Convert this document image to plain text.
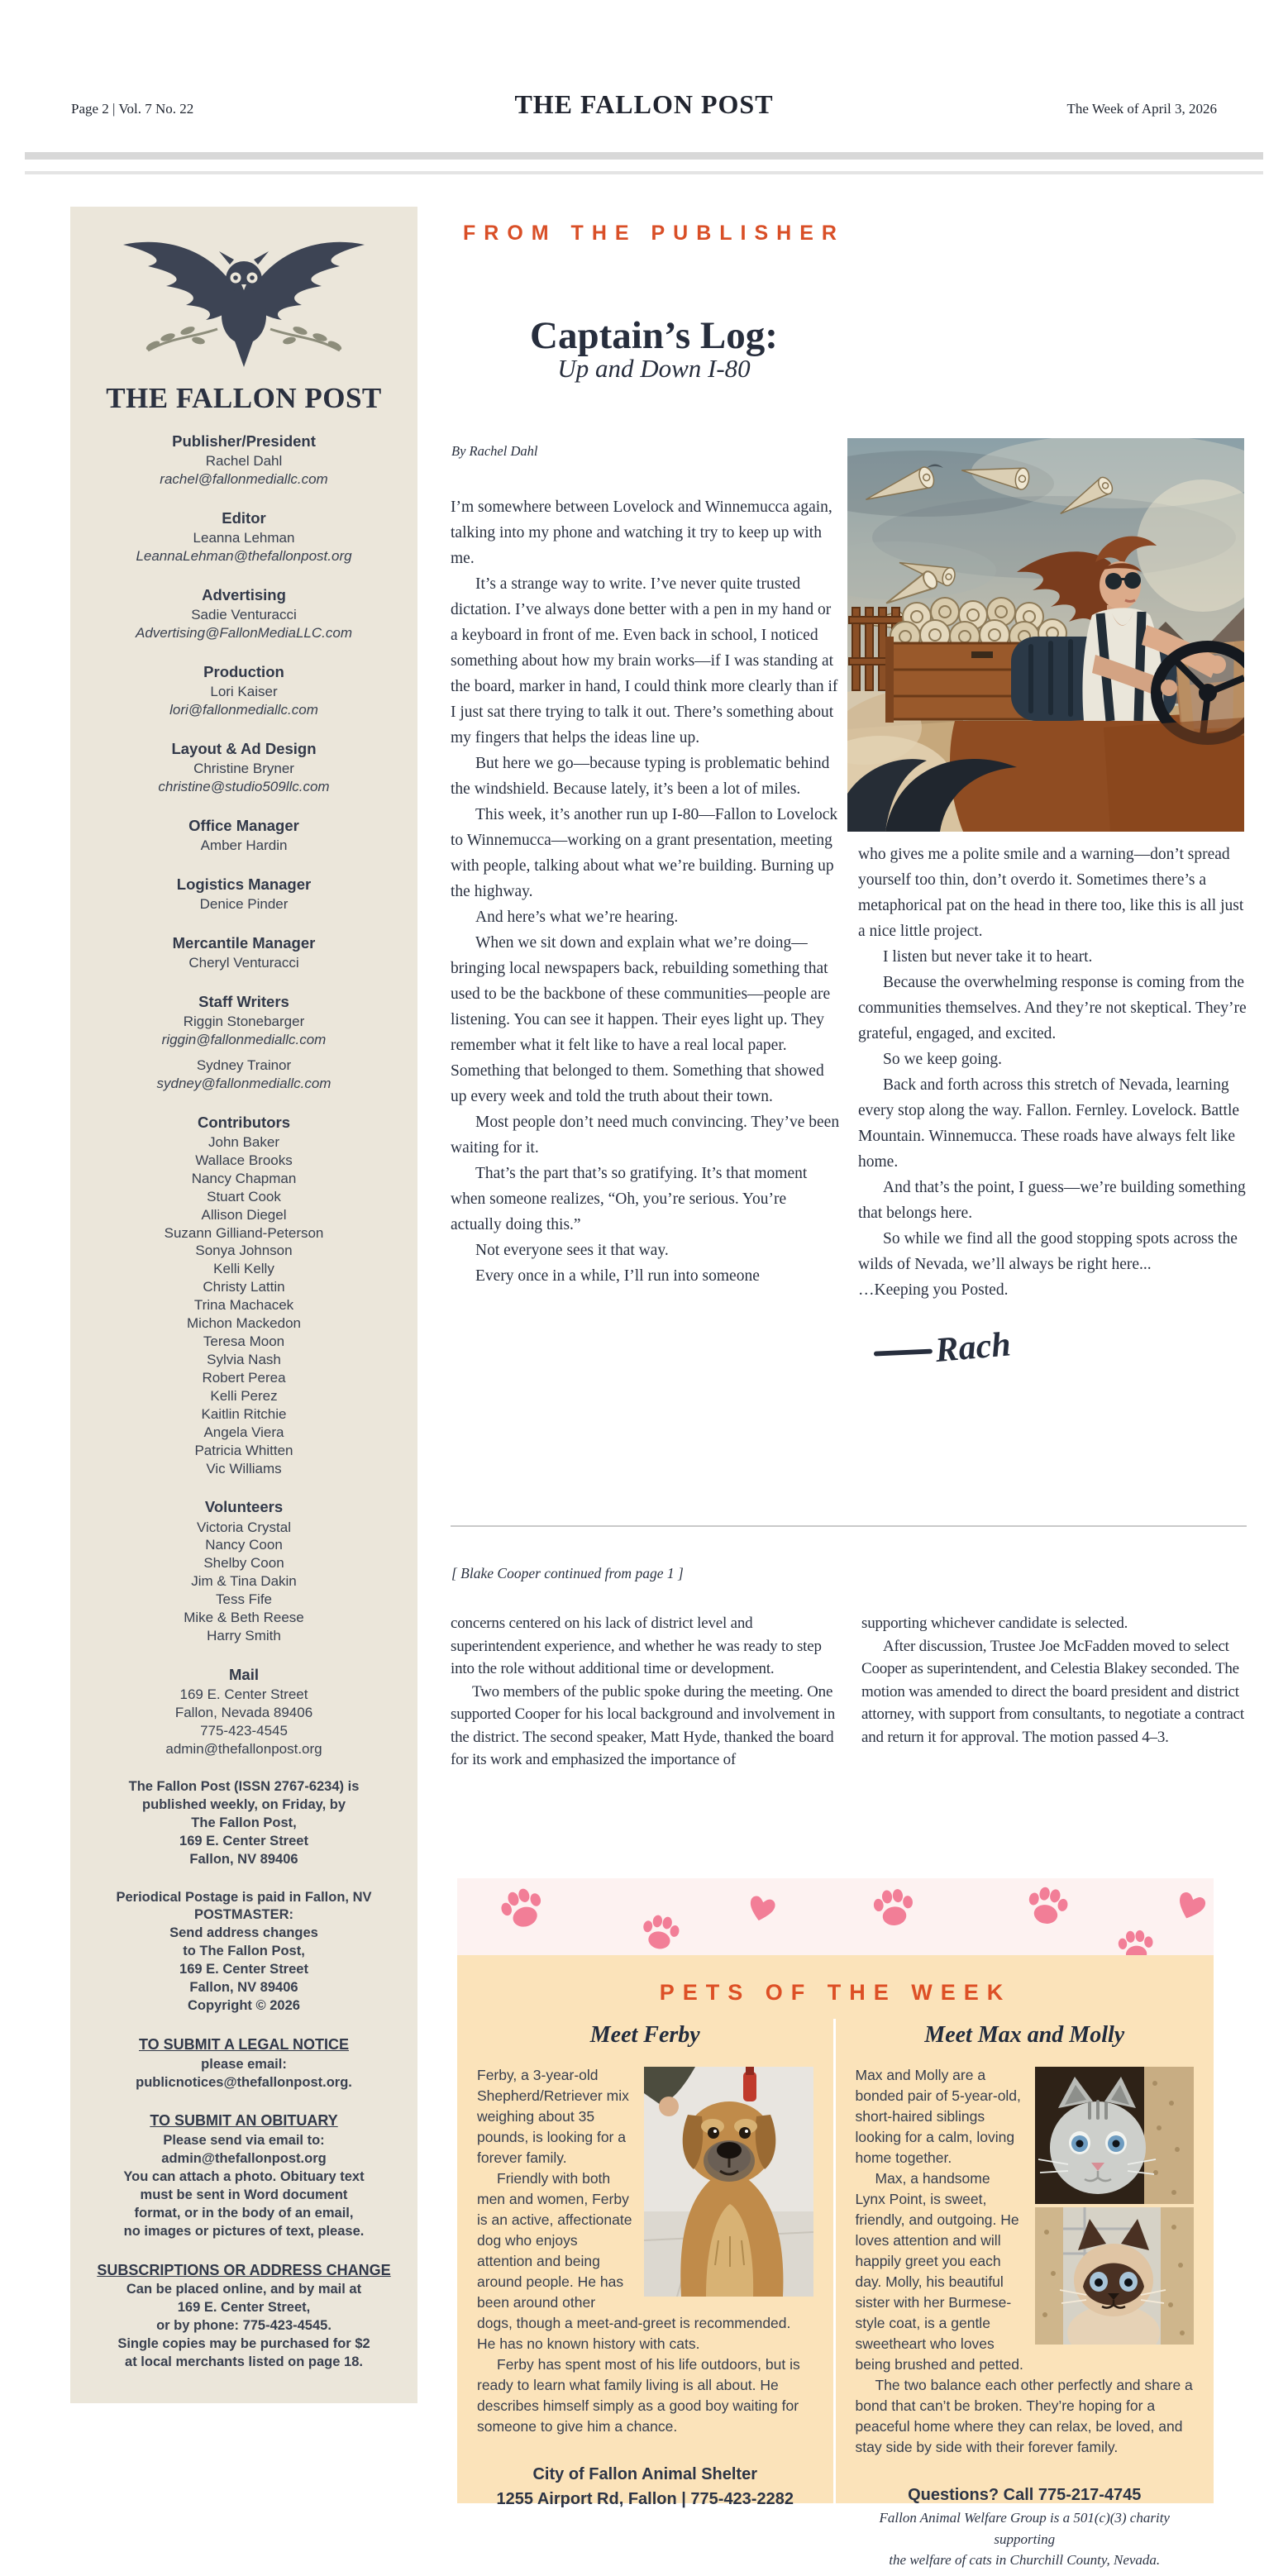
Page 2 | Vol. 7 No. 22	THE FALLON POST	The Week of April 3, 2026
THE FALLON POST
Publisher/President
Rachel Dahl
rachel@fallonmediallc.com
Editor
Leanna Lehman
LeannaLehman@thefallonpost.org
Advertising
Sadie Venturacci
Advertising@FallonMediaLLC.com
Production
Lori Kaiser
lori@fallonmediallc.com
Layout & Ad Design
Christine Bryner
christine@studio509llc.com
Office Manager
Amber Hardin
Logistics Manager
Denice Pinder
Mercantile Manager
Cheryl Venturacci
Staff Writers
Riggin Stonebarger
riggin@fallonmediallc.com
Sydney Trainor
sydney@fallonmediallc.com
Contributors
John Baker
Wallace Brooks
Nancy Chapman
Stuart Cook
Allison Diegel
Suzann Gilliand-Peterson
Sonya Johnson
Kelli Kelly
Christy Lattin
Trina Machacek
Michon Mackedon
Teresa Moon
Sylvia Nash
Robert Perea
Kelli Perez
Kaitlin Ritchie
Angela Viera
Patricia Whitten
Vic Williams
Volunteers
Victoria Crystal
Nancy Coon
Shelby Coon
Jim & Tina Dakin
Tess Fife
Mike & Beth Reese
Harry Smith
Mail
169 E. Center Street
Fallon, Nevada 89406
775-423-4545
admin@thefallonpost.org
The Fallon Post (ISSN 2767-6234) is
published weekly, on Friday, by
The Fallon Post,
169 E. Center Street
Fallon, NV 89406
Periodical Postage is paid in Fallon, NV
POSTMASTER:
Send address changes
to The Fallon Post,
169 E. Center Street
Fallon, NV 89406
Copyright © 2026
TO SUBMIT A LEGAL NOTICE
please email:
publicnotices@thefallonpost.org.
TO SUBMIT AN OBITUARY
Please send via email to:
admin@thefallonpost.org
You can attach a photo. Obituary text
must be sent in Word document
format, or in the body of an email,
no images or pictures of text, please.
SUBSCRIPTIONS OR ADDRESS CHANGE
Can be placed online, and by mail at
169 E. Center Street,
or by phone: 775-423-4545.
Single copies may be purchased for $2
at local merchants listed on page 18.
FROM THE PUBLISHER
Captain’s Log:
Up and Down I-80
By Rachel Dahl

I’m somewhere between Lovelock and Winnemucca again, talking into my phone and watching it try to keep up with me.

It’s a strange way to write. I’ve never quite trusted dictation. I’ve always done better with a pen in my hand or a keyboard in front of me. Even back in school, I noticed something about how my brain works—if I was standing at the board, marker in hand, I could think more clearly than if I just sat there trying to talk it out. There’s something about my fingers that helps the ideas line up.

But here we go—because typing is problematic behind the windshield. Because lately, it’s been a lot of miles.

This week, it’s another run up I-80—Fallon to Lovelock to Winnemucca—working on a grant presentation, meeting with people, talking about what we’re building. Burning up the highway.

And here’s what we’re hearing.

When we sit down and explain what we’re doing—bringing local newspapers back, rebuilding something that used to be the backbone of these communities—people are listening. You can see it happen. Their eyes light up. They remember what it felt like to have a real local paper. Something that belonged to them. Something that showed up every week and told the truth about their town.

Most people don’t need much convincing. They’ve been waiting for it.

That’s the part that’s so gratifying. It’s that moment when someone realizes, “Oh, you’re serious. You’re actually doing this.”

Not everyone sees it that way.

Every once in a while, I’ll run into someone

who gives me a polite smile and a warning—don’t spread yourself too thin, don’t overdo it. Sometimes there’s a metaphorical pat on the head in there too, like this is all just a nice little project.

I listen but never take it to heart.

Because the overwhelming response is coming from the communities themselves. And they’re not skeptical. They’re grateful, engaged, and excited.

So we keep going.

Back and forth across this stretch of Nevada, learning every stop along the way. Fallon. Fernley. Lovelock. Battle Mountain. Winnemucca. These roads have always felt like home.

And that’s the point, I guess—we’re building something that belongs here.

So while we find all the good stopping spots across the wilds of Nevada, we’ll always be right here...

…Keeping you Posted.

Rach
[ Blake Cooper continued from page 1 ]

concerns centered on his lack of district level and superintendent experience, and whether he was ready to step into the role without additional time or development.

Two members of the public spoke during the meeting. One supported Cooper for his local background and involvement in the district. The second speaker, Matt Hyde, thanked the board for its work and emphasized the importance of

supporting whichever candidate is selected.

After discussion, Trustee Joe McFadden moved to select Cooper as superintendent, and Celestia Blakey seconded. The motion was amended to direct the board president and district attorney, with support from consultants, to negotiate a contract and return it for approval. The motion passed 4–3.

PETS OF THE WEEK
Meet Ferby

Ferby, a 3-year-old Shepherd/Retriever mix weighing about 35 pounds, is looking for a forever family.

Friendly with both men and women, Ferby is an active, affectionate dog who enjoys attention and being around people. He has been around other dogs, though a meet-and-greet is recommended. He has no known history with cats.

Ferby has spent most of his life outdoors, but is ready to learn what family living is all about. He describes himself simply as a good boy waiting for someone to give him a chance.

City of Fallon Animal Shelter
1255 Airport Rd, Fallon | 775-423-2282
Meet Max and Molly

Max and Molly are a bonded pair of 5-year-old, short-haired siblings looking for a calm, loving home together.

Max, a handsome Lynx Point, is sweet, friendly, and outgoing. He loves attention and will happily greet you each day. Molly, his beautiful sister with her Burmese-style coat, is a gentle sweetheart who loves being brushed and petted.

The two balance each other perfectly and share a bond that can’t be broken. They’re hoping for a peaceful home where they can relax, be loved, and stay side by side with their forever family.

Questions? Call 775-217-4745
Fallon Animal Welfare Group is a 501(c)(3) charity supporting
the welfare of cats in Churchill County, Nevada.
